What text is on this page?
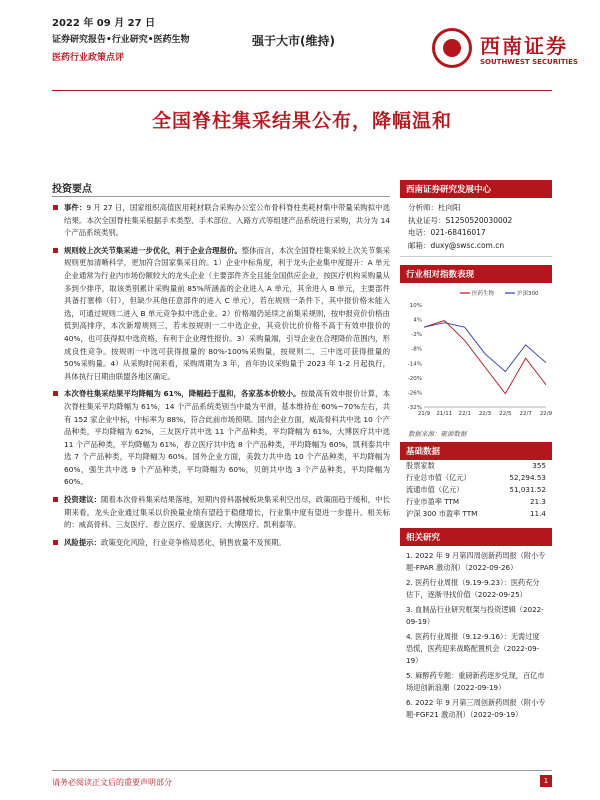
2022 年 09 月 27 日
证券研究报告•行业研究•医药生物
医药行业政策点评
强于大市(维持)	西南证券
SOUTHWEST SECURITIES
全国脊柱集采结果公布，降幅温和
投资要点
事件：9 月 27 日，国家组织高值医用耗材联合采购办公室公布骨科脊柱类耗材集中带量采购拟中选结果。本次全国脊柱集采根据手术类型、手术部位、入路方式等组建产品系统进行采购，共分为 14 个产品系统类别。
规则较上次关节集采进一步优化，利于企业合理报价。整体而言，本次全国脊柱集采较上次关节集采规则更加清晰科学，更加符合国家集采目的。1）企业中标角度，利于龙头企业集中度提升：A 单元企业通常为行业内市场份额较大的龙头企业（主要部件齐全且能全国供应企业，按医疗机构采购量从多到少排序，取该类别累计采购量前 85%所涵盖的企业进入 A 单元，其余进入 B 单元，主要部件具备打塞棒（钉），但缺少其他任意部件的进入 C 单元），若在规则一条件下，其中报价格未能入选，可通过规则二进入 B 单元竞争拟中选企业。2）价格端仍延续之前集采规则，按申报竞价价格由低到高排序，本次新增规则三，若未按规则一二中选企业，其竞价比价价格不高于有效申报价的 40%，也可获得拟中选资格，有利于企业理性报价。3）采购量端，引导企业在合理降价范围内，形成良性竞争。按规则一中选可获得报量的 80%-100%采购量，按规则二、三中选可获得报量的 50%采购量。4）从采购时间来看，采购周期为 3 年，首年协议采购量于 2023 年 1-2 月起执行，具体执行日期由联盟各地区确定。
本次脊柱集采结果平均降幅为 61%，降幅趋于温和，各家基本价较小。按最高有效申报价计算，本次脊柱集采平均降幅为 61%，14 个产品系统类别当中最为平滑，基本维持在 60%~70%左右，共有 152 家企业中标，中标率为 88%，符合此前市场预期。国内企业方面，威高骨科共中选 10 个产品种类，平均降幅为 62%，三友医疗共中选 11 个产品种类，平均降幅为 61%，大博医疗共中选 11 个产品种类，平均降幅为 61%，春立医疗共中选 8 个产品种类，平均降幅为 60%，凯利泰共中选 7 个产品种类，平均降幅为 60%。国外企业方面，美敦力共中选 10 个产品种类，平均降幅为 60%，强生共中选 9 个产品种类，平均降幅为 60%，贝朗共中选 3 个产品种类，平均降幅为 60%。
投资建议：随着本次骨科集采结果落地，短期内骨科器械板块集采利空出尽，政策面趋于缓和，中长期来看，龙头企业通过集采以价换量业绩有望趋于稳健增长，行业集中度有望进一步提升。相关标的：威高骨科、三友医疗、春立医疗、爱康医疗、大博医疗、凯利泰等。
风险提示：政策变化风险，行业竞争格局恶化，销售放量不及预期。
西南证券研究发展中心
分析师：杜向阳
执业证号：S1250520030002
电话：021-68416017
邮箱：duxy@swsc.com.cn
行业相对指数表现
10%
4%
-2%
-8%
-14%
-20%
-26%
-32%
21/9 21/11 22/1 22/3 22/5 22/7 22/9
医药生物	沪深300
数据来源：聚源数据
基础数据
股票家数	355
行业总市值（亿元）	52,294.53
流通市值（亿元）	51,031.52
行业市盈率 TTM	21.3
沪深 300 市盈率 TTM	11.4
相关研究
1. 2022 年 9 月第四周创新药周报（附小专题-FPAR 激动剂）（2022-09-26）
2. 医药行业周报（9.19-9.23）：医药充分估下，逐渐寻找价值（2022-09-25）
3. 血制品行业研究框架与投资逻辑（2022-09-19）
4. 医药行业周报（9.12-9.16）：无需过度恐慌，医药迎来战略配置机会（2022-09-19）
5. 麻醉药专题：重磅新药逐步兑现，百亿市场迎创新浪潮（2022-09-19）
6. 2022 年 9 月第三周创新药周报（附小专题-FGF21 激动剂）（2022-09-19）
请务必阅读正文后的重要声明部分	1
